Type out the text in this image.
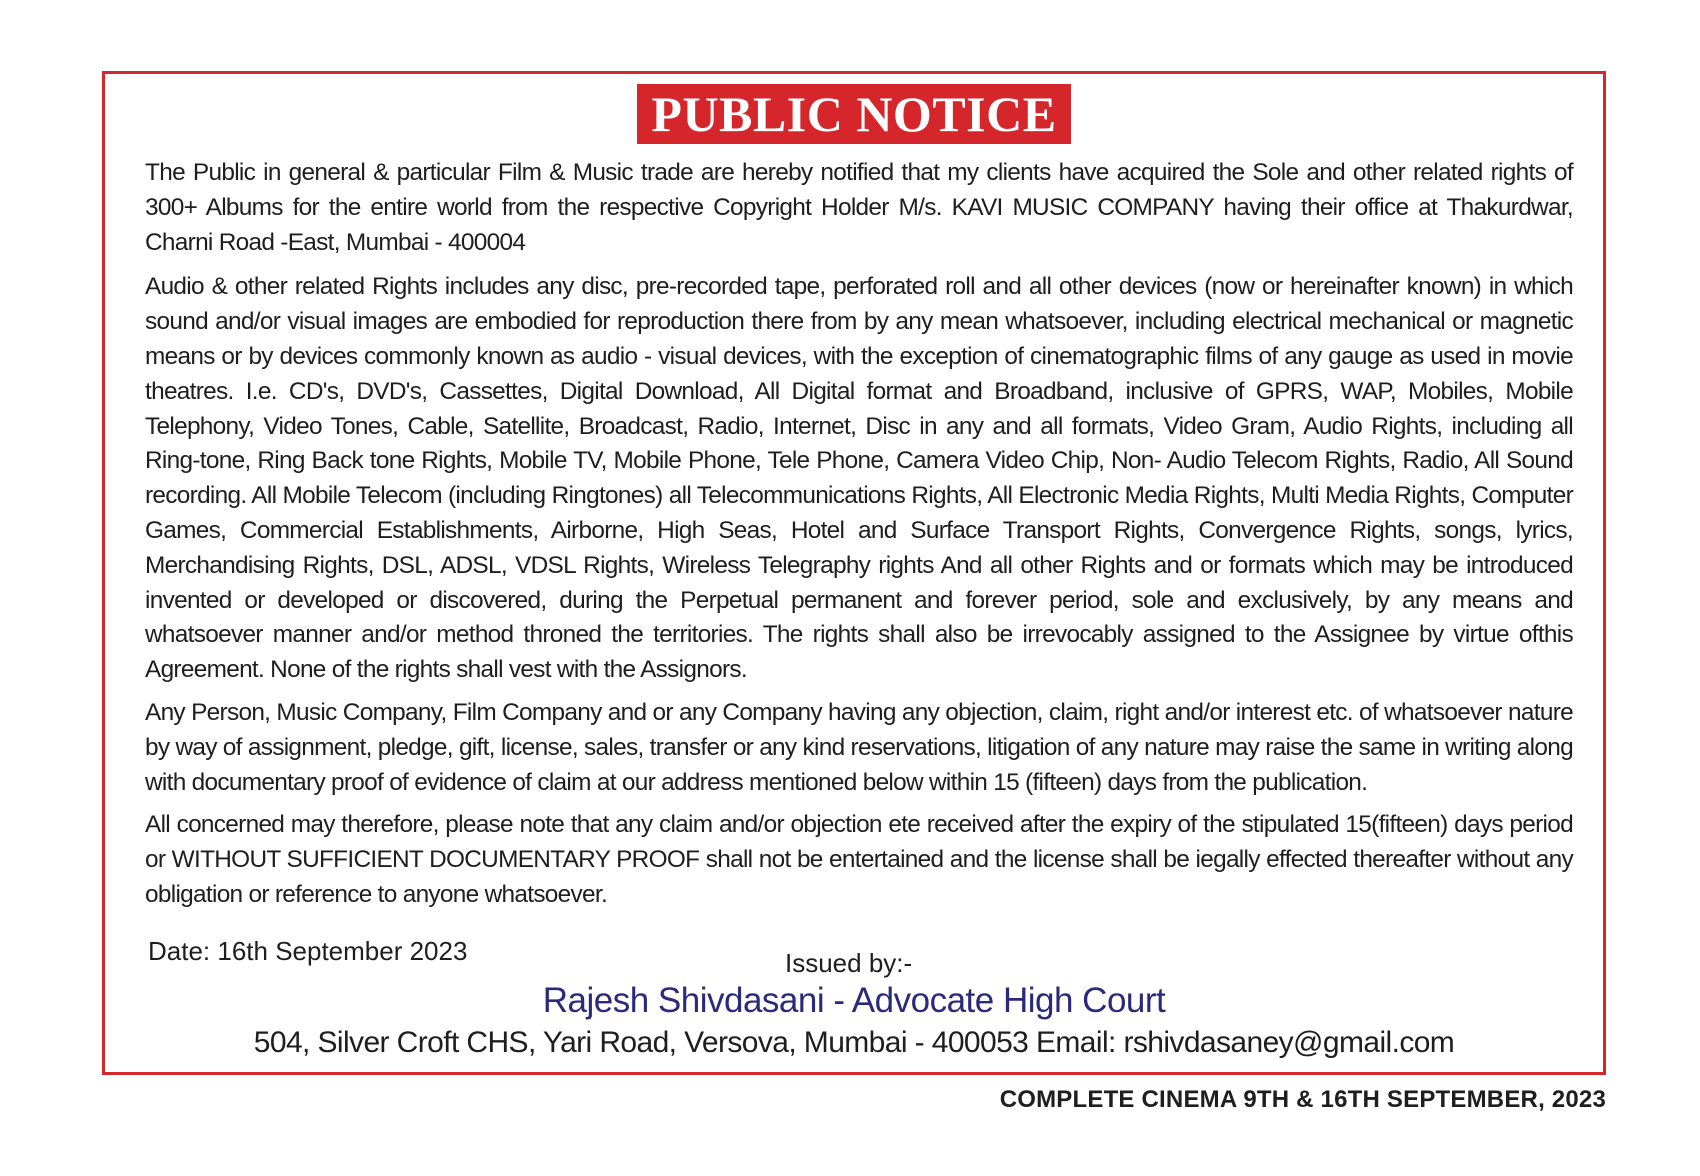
PUBLIC NOTICE

The Public in general & particular Film & Music trade are hereby notified that my clients have acquired the Sole and other related rights of 300+ Albums for the entire world from the respective Copyright Holder M/s. KAVI MUSIC COMPANY having their office at Thakurdwar, Charni Road -East, Mumbai - 400004

Audio & other related Rights includes any disc, pre-recorded tape, perforated roll and all other devices (now or hereinafter known) in which sound and/or visual images are embodied for reproduction there from by any mean whatsoever, including electrical mechanical or magnetic means or by devices commonly known as audio - visual devices, with the exception of cinematographic films of any gauge as used in movie theatres. I.e. CD's, DVD's, Cassettes, Digital Download, All Digital format and Broadband, inclusive of GPRS, WAP, Mobiles, Mobile Telephony, Video Tones, Cable, Satellite, Broadcast, Radio, Internet, Disc in any and all formats, Video Gram, Audio Rights, including all Ring-tone, Ring Back tone Rights, Mobile TV, Mobile Phone, Tele Phone, Camera Video Chip, Non- Audio Telecom Rights, Radio, All Sound recording. All Mobile Telecom (including Ringtones) all Telecommunications Rights, All Electronic Media Rights, Multi Media Rights, Computer Games, Commercial Establishments, Airborne, High Seas, Hotel and Surface Transport Rights, Convergence Rights, songs, lyrics, Merchandising Rights, DSL, ADSL, VDSL Rights, Wireless Telegraphy rights And all other Rights and or formats which may be introduced invented or developed or discovered, during the Perpetual permanent and forever period, sole and exclusively, by any means and whatsoever manner and/or method throned the territories. The rights shall also be irrevocably assigned to the Assignee by virtue ofthis Agreement. None of the rights shall vest with the Assignors.

Any Person, Music Company, Film Company and or any Company having any objection, claim, right and/or interest etc. of whatsoever nature by way of assignment, pledge, gift, license, sales, transfer or any kind reservations, litigation of any nature may raise the same in writing along with documentary proof of evidence of claim at our address mentioned below within 15 (fifteen) days from the publication.

All concerned may therefore, please note that any claim and/or objection ete received after the expiry of the stipulated 15(fifteen) days period or WITHOUT SUFFICIENT DOCUMENTARY PROOF shall not be entertained and the license shall be iegally effected thereafter without any obligation or reference to anyone whatsoever.

Date: 16th September 2023	Issued by:-
Rajesh Shivdasani - Advocate High Court
504, Silver Croft CHS, Yari Road, Versova, Mumbai - 400053 Email: rshivdasaney@gmail.com
COMPLETE CINEMA 9TH & 16TH SEPTEMBER, 2023
